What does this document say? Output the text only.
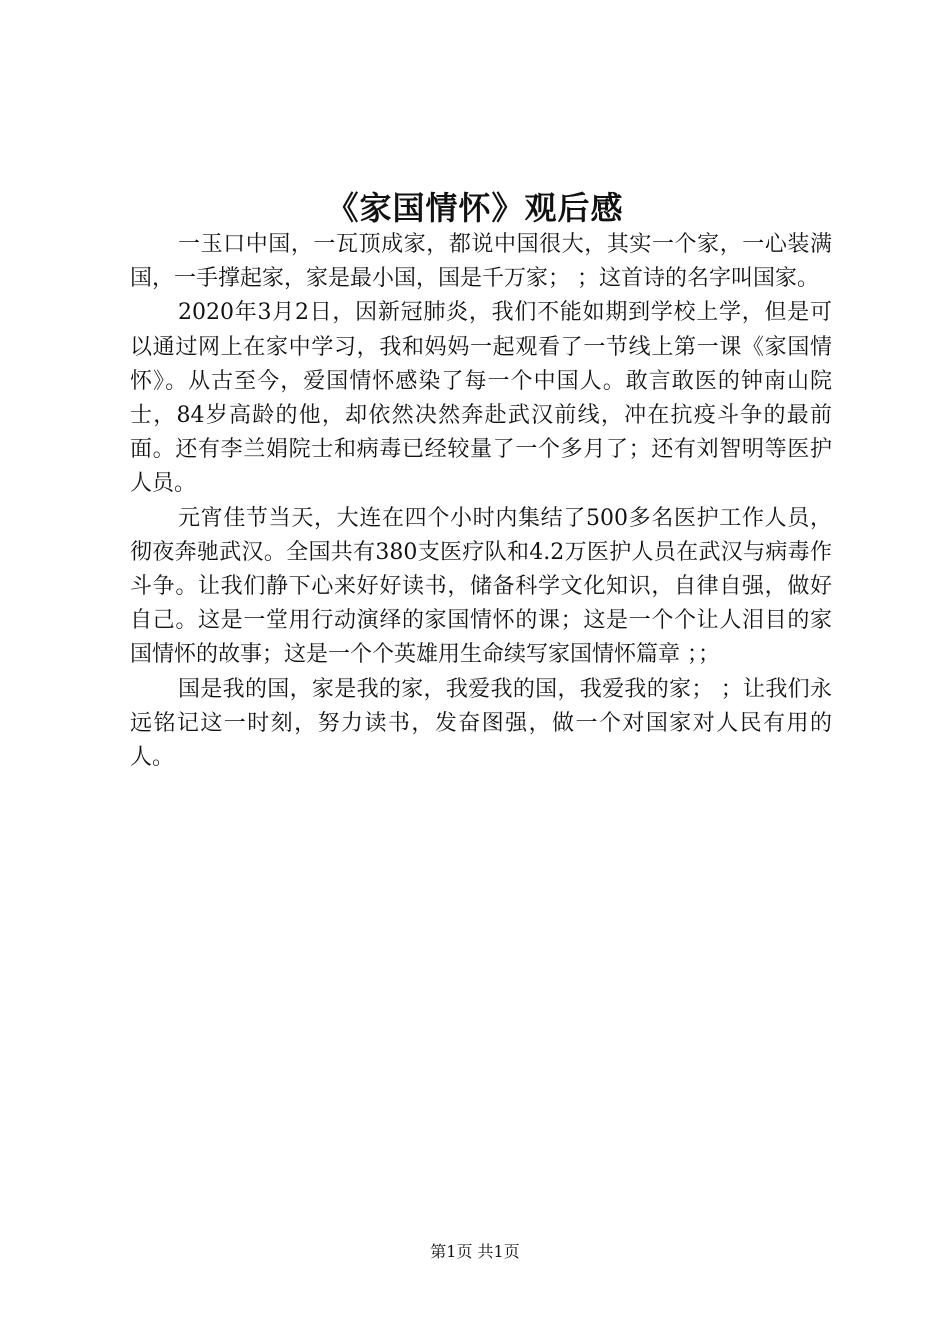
《家国情怀》观后感

一玉口中国，一瓦顶成家，都说中国很大，其实一个家，一心装满国，一手撑起家，家是最小国，国是千万家； ；这首诗的名字叫国家。

2020年3月2日，因新冠肺炎，我们不能如期到学校上学，但是可以通过网上在家中学习，我和妈妈一起观看了一节线上第一课《家国情怀》。从古至今，爱国情怀感染了每一个中国人。敢言敢医的钟南山院士，84岁高龄的他，却依然决然奔赴武汉前线，冲在抗疫斗争的最前面。还有李兰娟院士和病毒已经较量了一个多月了；还有刘智明等医护人员。

元宵佳节当天，大连在四个小时内集结了500多名医护工作人员，彻夜奔驰武汉。全国共有380支医疗队和4.2万医护人员在武汉与病毒作斗争。让我们静下心来好好读书，储备科学文化知识，自律自强，做好自己。这是一堂用行动演绎的家国情怀的课；这是一个个让人泪目的家国情怀的故事；这是一个个英雄用生命续写家国情怀篇章 ；；

国是我的国，家是我的家，我爱我的国，我爱我的家； ；让我们永远铭记这一时刻，努力读书，发奋图强，做一个对国家对人民有用的人。

第1页 共1页
